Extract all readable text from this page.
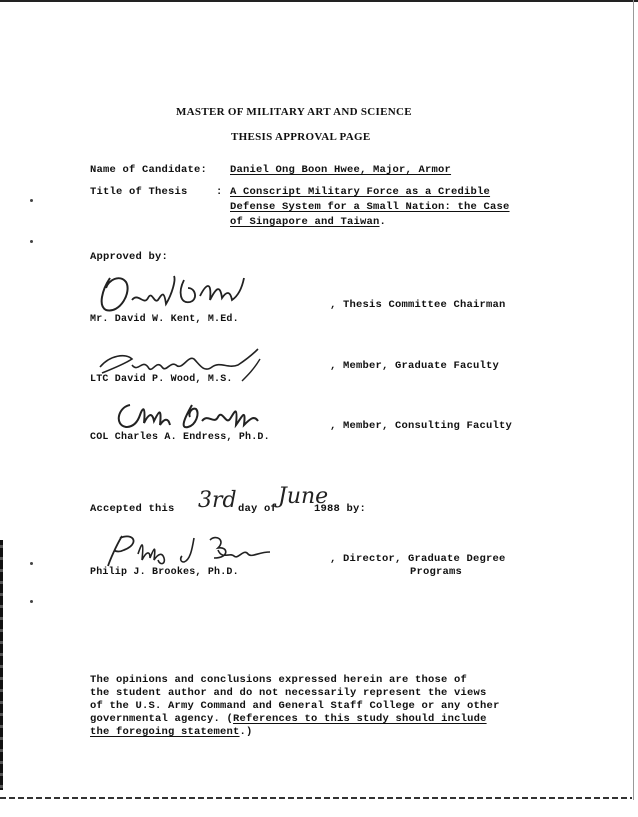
MASTER OF MILITARY ART AND SCIENCE
THESIS APPROVAL PAGE
Name of Candidate: Daniel Ong Boon Hwee, Major, Armor
Title of Thesis	: A Conscript Military Force as a Credible
Defense System for a Small Nation: the Case
of Singapore and Taiwan.
Approved by:
Mr. David W. Kent, M.Ed.
, Thesis Committee Chairman
LTC David P. Wood, M.S.
, Member, Graduate Faculty
COL Charles A. Endress, Ph.D.
, Member, Consulting Faculty
Accepted this 3rd day of June
1988 by:
Philip J. Brookes, Ph.D.
, Director, Graduate Degree
Programs
The opinions and conclusions expressed herein are those of
the student author and do not necessarily represent the views
of the U.S. Army Command and General Staff College or any other
governmental agency. (References to this study should include
the foregoing statement.)
